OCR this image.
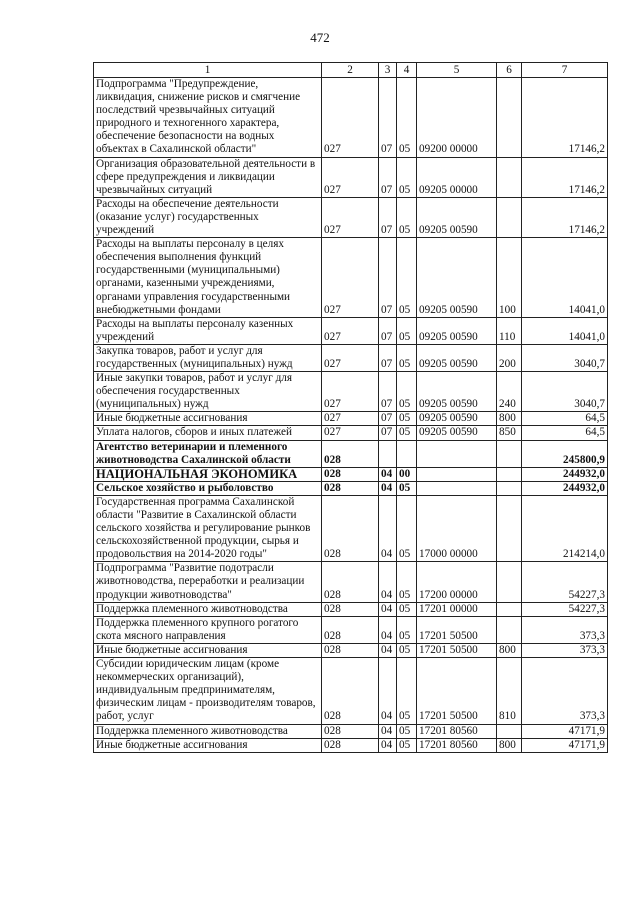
472
1	2	3	4	5	6	7
Подпрограмма "Предупреждение, ликвидация, снижение рисков и смягчение последствий чрезвычайных ситуаций природного и техногенного характера, обеспечение безопасности на водных объектах в Сахалинской области"	027	07	05	09200 00000		17146,2
Организация образовательной деятельности в сфере предупреждения и ликвидации чрезвычайных ситуаций	027	07	05	09205 00000		17146,2
Расходы на обеспечение деятельности (оказание услуг) государственных учреждений	027	07	05	09205 00590		17146,2
Расходы на выплаты персоналу в целях обеспечения выполнения функций государственными (муниципальными) органами, казенными учреждениями, органами управления государственными внебюджетными фондами	027	07	05	09205 00590	100	14041,0
Расходы на выплаты персоналу казенных учреждений	027	07	05	09205 00590	110	14041,0
Закупка товаров, работ и услуг для государственных (муниципальных) нужд	027	07	05	09205 00590	200	3040,7
Иные закупки товаров, работ и услуг для обеспечения государственных (муниципальных) нужд	027	07	05	09205 00590	240	3040,7
Иные бюджетные ассигнования	027	07	05	09205 00590	800	64,5
Уплата налогов, сборов и иных платежей	027	07	05	09205 00590	850	64,5
Агентство ветеринарии и племенного животноводства Сахалинской области	028					245800,9
НАЦИОНАЛЬНАЯ ЭКОНОМИКА	028	04	00			244932,0
Сельское хозяйство и рыболовство	028	04	05			244932,0
Государственная программа Сахалинской области "Развитие в Сахалинской области сельского хозяйства и регулирование рынков сельскохозяйственной продукции, сырья и продовольствия на 2014-2020 годы"	028	04	05	17000 00000		214214,0
Подпрограмма "Развитие подотрасли животноводства, переработки и реализации продукции животноводства"	028	04	05	17200 00000		54227,3
Поддержка племенного животноводства	028	04	05	17201 00000		54227,3
Поддержка племенного крупного рогатого скота мясного направления	028	04	05	17201 50500		373,3
Иные бюджетные ассигнования	028	04	05	17201 50500	800	373,3
Субсидии юридическим лицам (кроме некоммерческих организаций), индивидуальным предпринимателям, физическим лицам - производителям товаров, работ, услуг	028	04	05	17201 50500	810	373,3
Поддержка племенного животноводства	028	04	05	17201 80560		47171,9
Иные бюджетные ассигнования	028	04	05	17201 80560	800	47171,9
